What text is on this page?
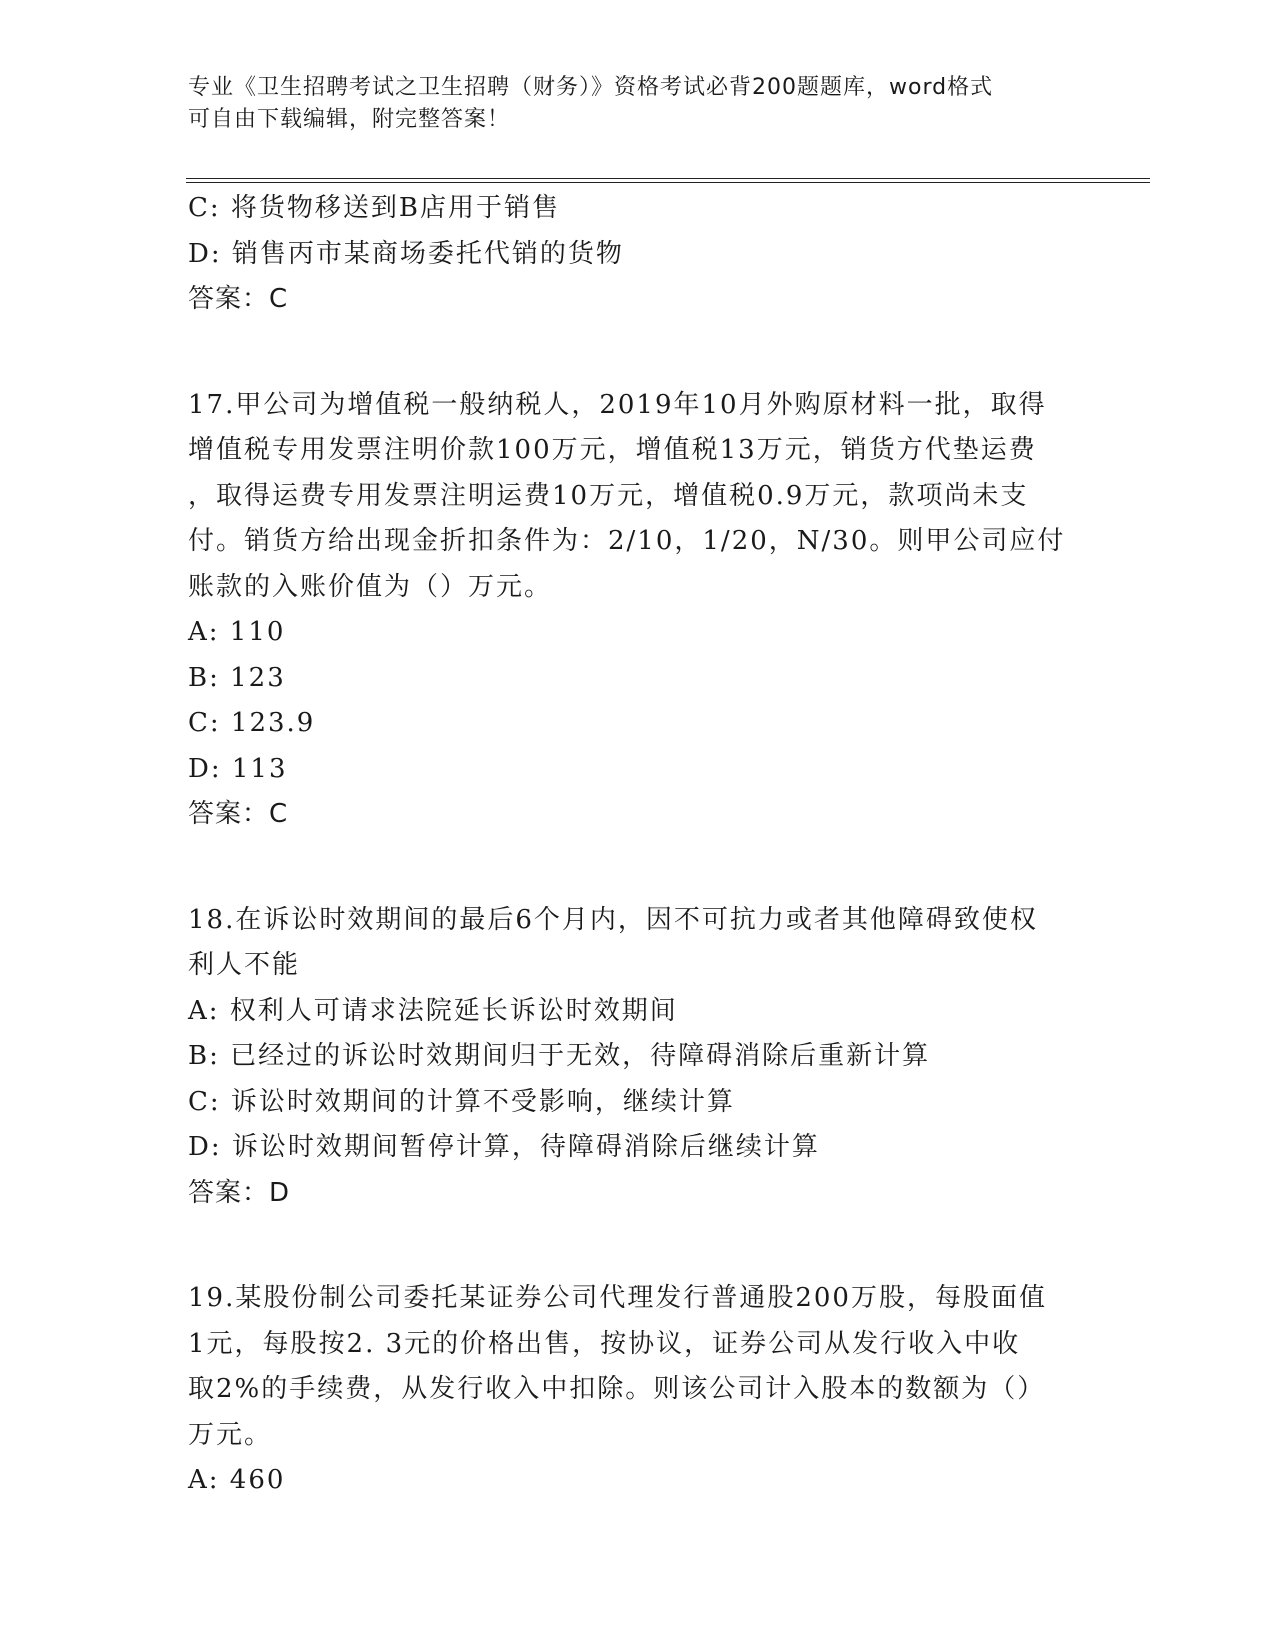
专业《卫生招聘考试之卫生招聘（财务）》资格考试必背200题题库，word格式
可自由下载编辑，附完整答案！
C: 将货物移送到B店用于销售
D: 销售丙市某商场委托代销的货物
答案：C
17.甲公司为增值税一般纳税人，2019年10月外购原材料一批，取得
增值税专用发票注明价款100万元，增值税13万元，销货方代垫运费
，取得运费专用发票注明运费10万元，增值税0.9万元，款项尚未支
付。销货方给出现金折扣条件为：2/10，1/20，N/30。则甲公司应付
账款的入账价值为（）万元。
A: 110
B: 123
C: 123.9
D: 113
答案：C
18.在诉讼时效期间的最后6个月内，因不可抗力或者其他障碍致使权
利人不能
A: 权利人可请求法院延长诉讼时效期间
B: 已经过的诉讼时效期间归于无效，待障碍消除后重新计算
C: 诉讼时效期间的计算不受影响，继续计算
D: 诉讼时效期间暂停计算，待障碍消除后继续计算
答案：D
19.某股份制公司委托某证券公司代理发行普通股200万股，每股面值
1元，每股按2. 3元的价格出售，按协议，证券公司从发行收入中收
取2%的手续费，从发行收入中扣除。则该公司计入股本的数额为（）
万元。
A: 460
